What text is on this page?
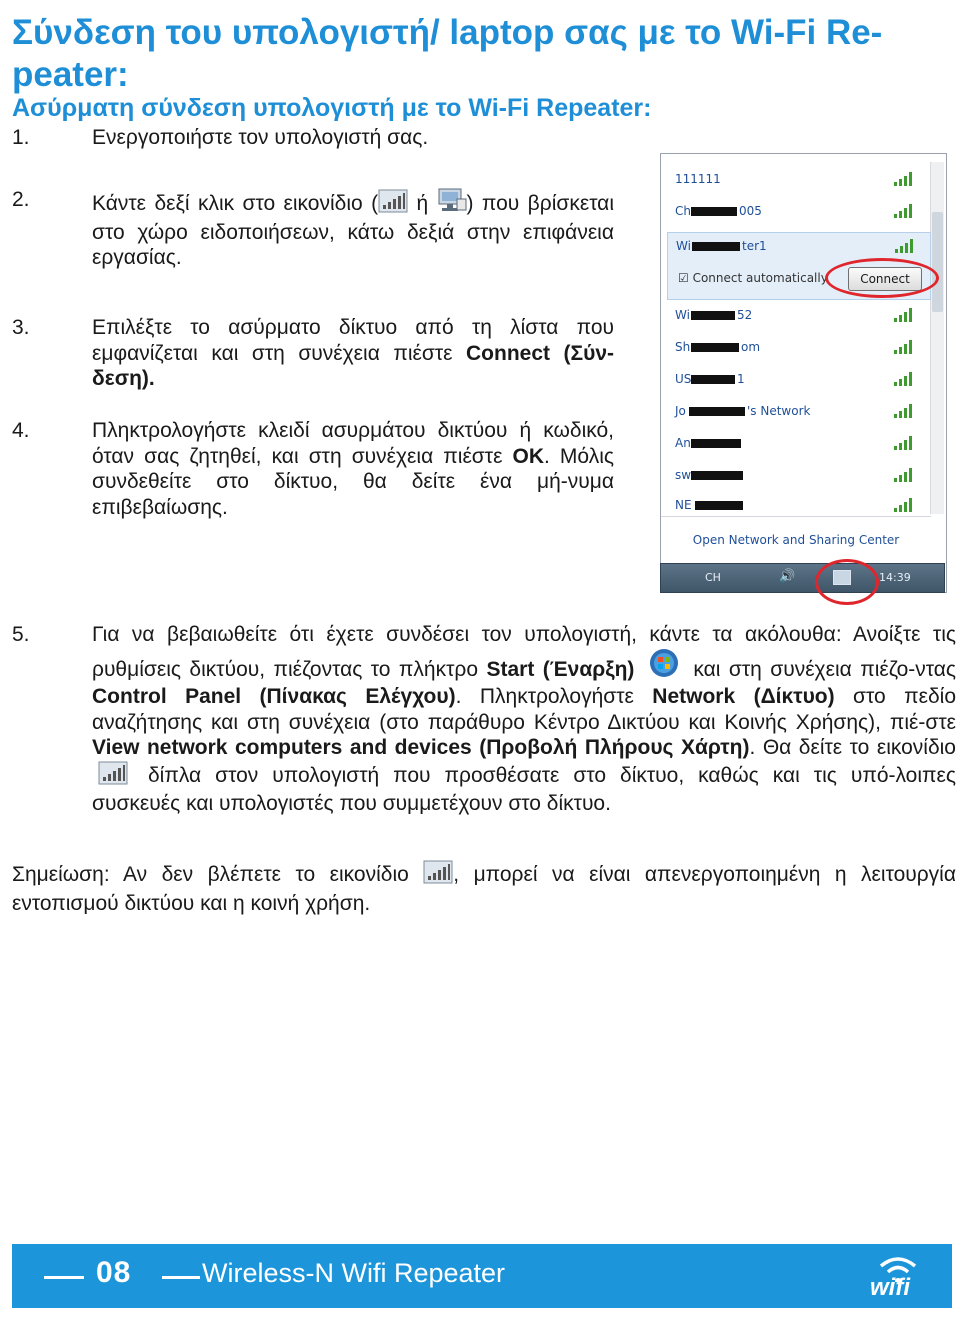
Σύνδεση του υπολογιστή/ laptop σας με το Wi-Fi Re-peater:
Ασύρματη σύνδεση υπολογιστή με το Wi-Fi Repeater:
1.	Ενεργοποιήστε τον υπολογιστή σας.
2.	Κάντε δεξί κλικ στο εικονίδιο ( ή ) που βρίσκεται στο χώρο ειδοποιήσεων, κάτω δεξιά στην επιφάνεια εργασίας.
3.	Επιλέξτε το ασύρματο δίκτυο από τη λίστα που εμφανίζεται και στη συνέχεια πιέστε Connect (Σύν-δεση).
4.	Πληκτρολογήστε κλειδί ασυρμάτου δικτύου ή κωδικό, όταν σας ζητηθεί, και στη συνέχεια πιέστε OK. Μόλις συνδεθείτε στο δίκτυο, θα δείτε ένα μή-νυμα επιβεβαίωσης.
111111
Ch	005
Wi	ter1
☑ Connect automatically	Connect
Wi	52
Sh	om
US	1
Jo	's Network
An
sw
NE
Open Network and Sharing Center
CH	🔊	14:39
5.	Για να βεβαιωθείτε ότι έχετε συνδέσει τον υπολογιστή, κάντε τα ακόλουθα: Ανοίξτε τις ρυθμίσεις δικτύου, πιέζοντας το πλήκτρο Start (Έναρξη)  και στη συνέχεια πιέζο-ντας Control Panel (Πίνακας Ελέγχου). Πληκτρολογήστε Network (Δίκτυο) στο πεδίο αναζήτησης και στη συνέχεια (στο παράθυρο Κέντρο Δικτύου και Κοινής Χρήσης), πιέ-στε View network computers and devices (Προβολή Πλήρους Χάρτη). Θα δείτε το εικονίδιο  δίπλα στον υπολογιστή που προσθέσατε στο δίκτυο, καθώς και τις υπό-λοιπες συσκευές και υπολογιστές που συμμετέχουν στο δίκτυο.
Σημείωση: Αν δεν βλέπετε το εικονίδιο , μπορεί να είναι απενεργοποιημένη η λειτουργία εντοπισμού δικτύου και η κοινή χρήση.
08	Wireless-N Wifi Repeater	wifi
